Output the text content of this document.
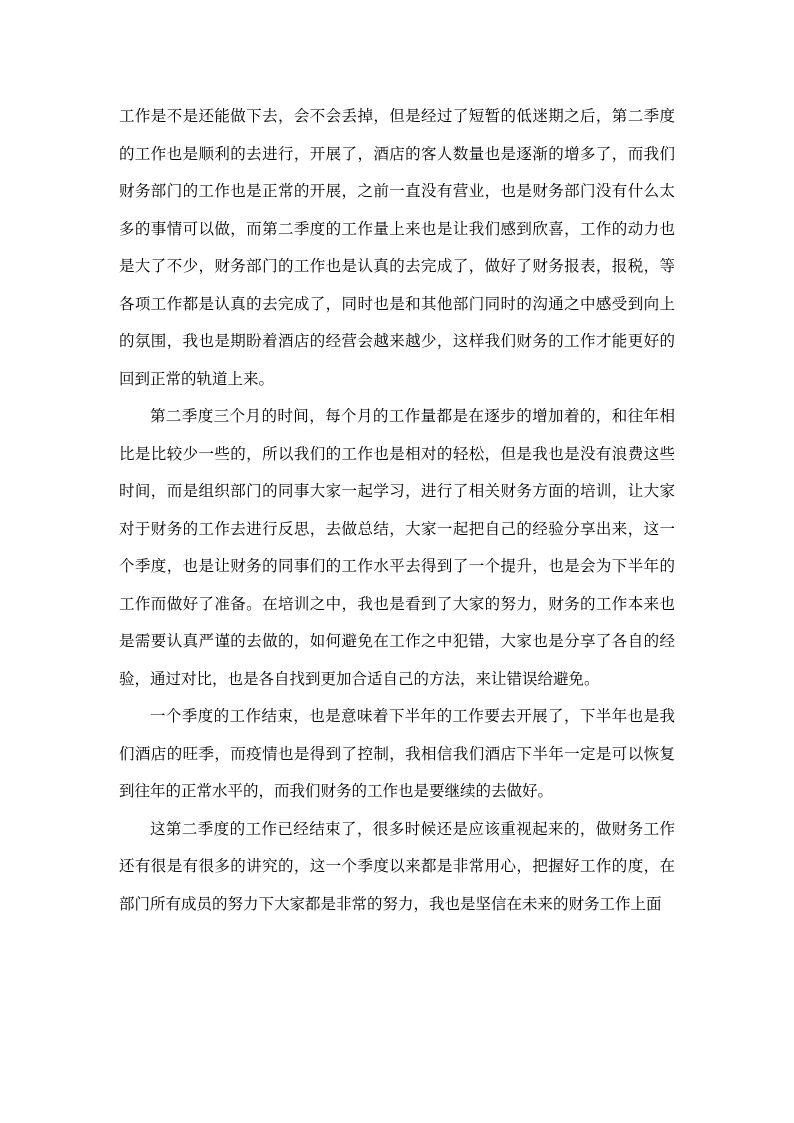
工作是不是还能做下去，会不会丢掉，但是经过了短暂的低迷期之后，第二季度的工作也是顺利的去进行，开展了，酒店的客人数量也是逐渐的增多了，而我们财务部门的工作也是正常的开展，之前一直没有营业，也是财务部门没有什么太多的事情可以做，而第二季度的工作量上来也是让我们感到欣喜，工作的动力也是大了不少，财务部门的工作也是认真的去完成了，做好了财务报表，报税，等各项工作都是认真的去完成了，同时也是和其他部门同时的沟通之中感受到向上的氛围，我也是期盼着酒店的经营会越来越少，这样我们财务的工作才能更好的回到正常的轨道上来。

第二季度三个月的时间，每个月的工作量都是在逐步的增加着的，和往年相比是比较少一些的，所以我们的工作也是相对的轻松，但是我也是没有浪费这些时间，而是组织部门的同事大家一起学习，进行了相关财务方面的培训，让大家对于财务的工作去进行反思，去做总结，大家一起把自己的经验分享出来，这一个季度，也是让财务的同事们的工作水平去得到了一个提升，也是会为下半年的工作而做好了准备。在培训之中，我也是看到了大家的努力，财务的工作本来也是需要认真严谨的去做的，如何避免在工作之中犯错，大家也是分享了各自的经验，通过对比，也是各自找到更加合适自己的方法，来让错误给避免。

一个季度的工作结束，也是意味着下半年的工作要去开展了，下半年也是我们酒店的旺季，而疫情也是得到了控制，我相信我们酒店下半年一定是可以恢复到往年的正常水平的，而我们财务的工作也是要继续的去做好。

这第二季度的工作已经结束了，很多时候还是应该重视起来的，做财务工作还有很是有很多的讲究的，这一个季度以来都是非常用心，把握好工作的度，在部门所有成员的努力下大家都是非常的努力，我也是坚信在未来的财务工作上面
